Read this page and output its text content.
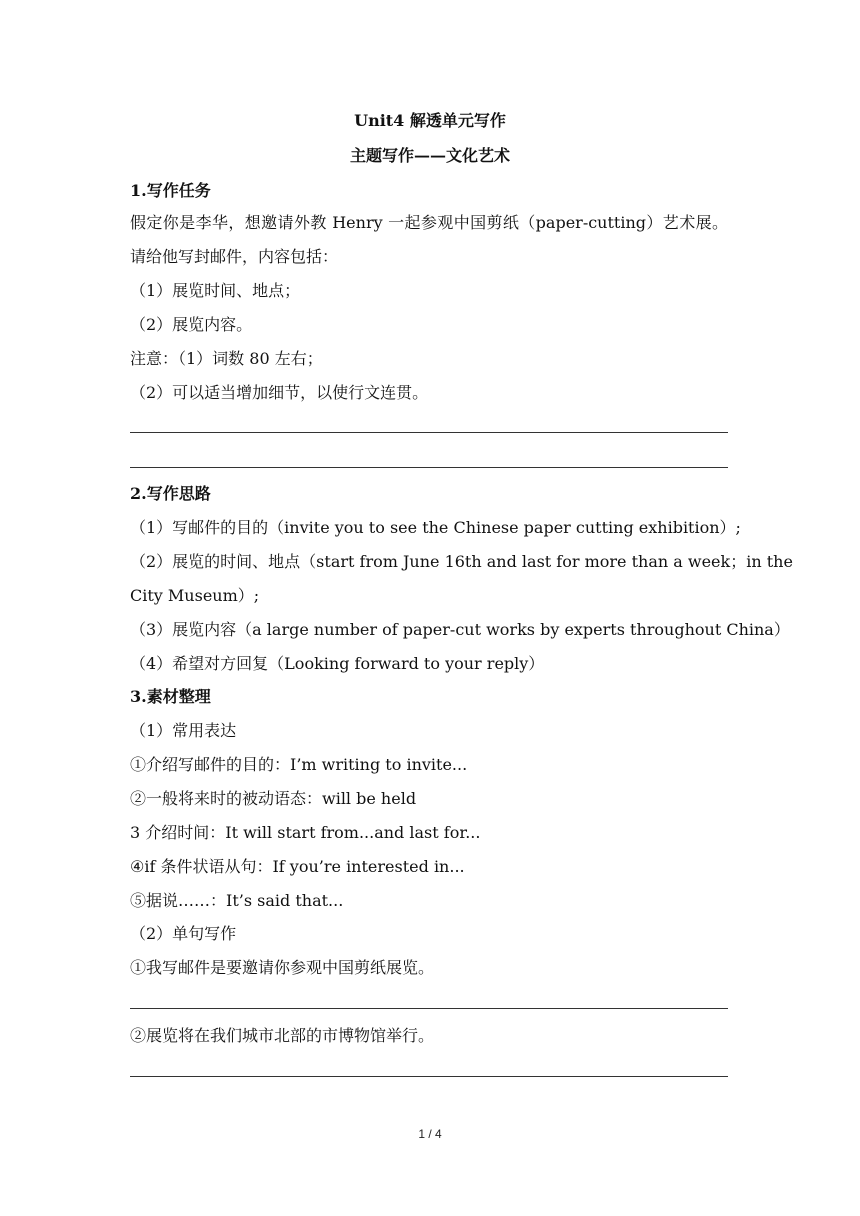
Unit4 解透单元写作
主题写作——文化艺术
1.写作任务
假定你是李华，想邀请外教 Henry 一起参观中国剪纸（paper-cutting）艺术展。
请给他写封邮件，内容包括：
（1）展览时间、地点；
（2）展览内容。
注意：（1）词数 80 左右；
（2）可以适当增加细节，以使行文连贯。
2.写作思路
（1）写邮件的目的（invite you to see the Chinese paper cutting exhibition）;
（2）展览的时间、地点（start from June 16th and last for more than a week；in the
City Museum）;
（3）展览内容（a large number of paper-cut works by experts throughout China）
（4）希望对方回复（Looking forward to your reply）
3.素材整理
（1）常用表达
①介绍写邮件的目的：I’m writing to invite...
②一般将来时的被动语态：will be held
3 介绍时间：It will start from...and last for...
④if 条件状语从句：If you’re interested in...
⑤据说……：It’s said that...
（2）单句写作
①我写邮件是要邀请你参观中国剪纸展览。
②展览将在我们城市北部的市博物馆举行。
1 / 4
